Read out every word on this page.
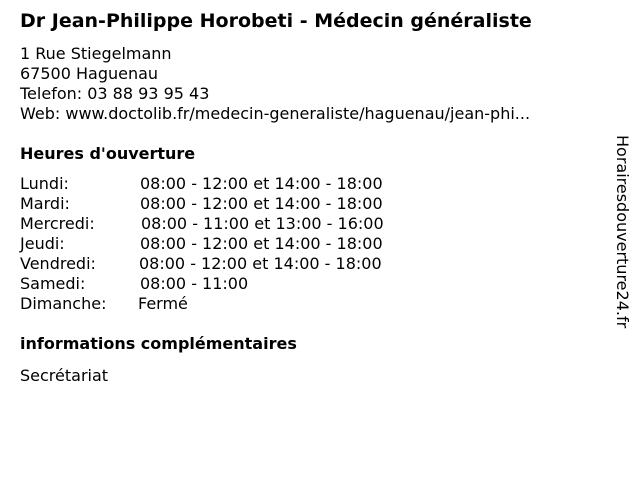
Dr Jean-Philippe Horobeti - Médecin généraliste
1 Rue Stiegelmann
67500 Haguenau
Telefon: 03 88 93 95 43
Web: www.doctolib.fr/medecin-generaliste/haguenau/jean-phi...
Heures d'ouverture
Lundi:	08:00 - 12:00 et 14:00 - 18:00
Mardi:	08:00 - 12:00 et 14:00 - 18:00
Mercredi:	08:00 - 11:00 et 13:00 - 16:00
Jeudi:	08:00 - 12:00 et 14:00 - 18:00
Vendredi:	08:00 - 12:00 et 14:00 - 18:00
Samedi:	08:00 - 11:00
Dimanche: Fermé
informations complémentaires
Secrétariat
Horairesdouverture24.fr
